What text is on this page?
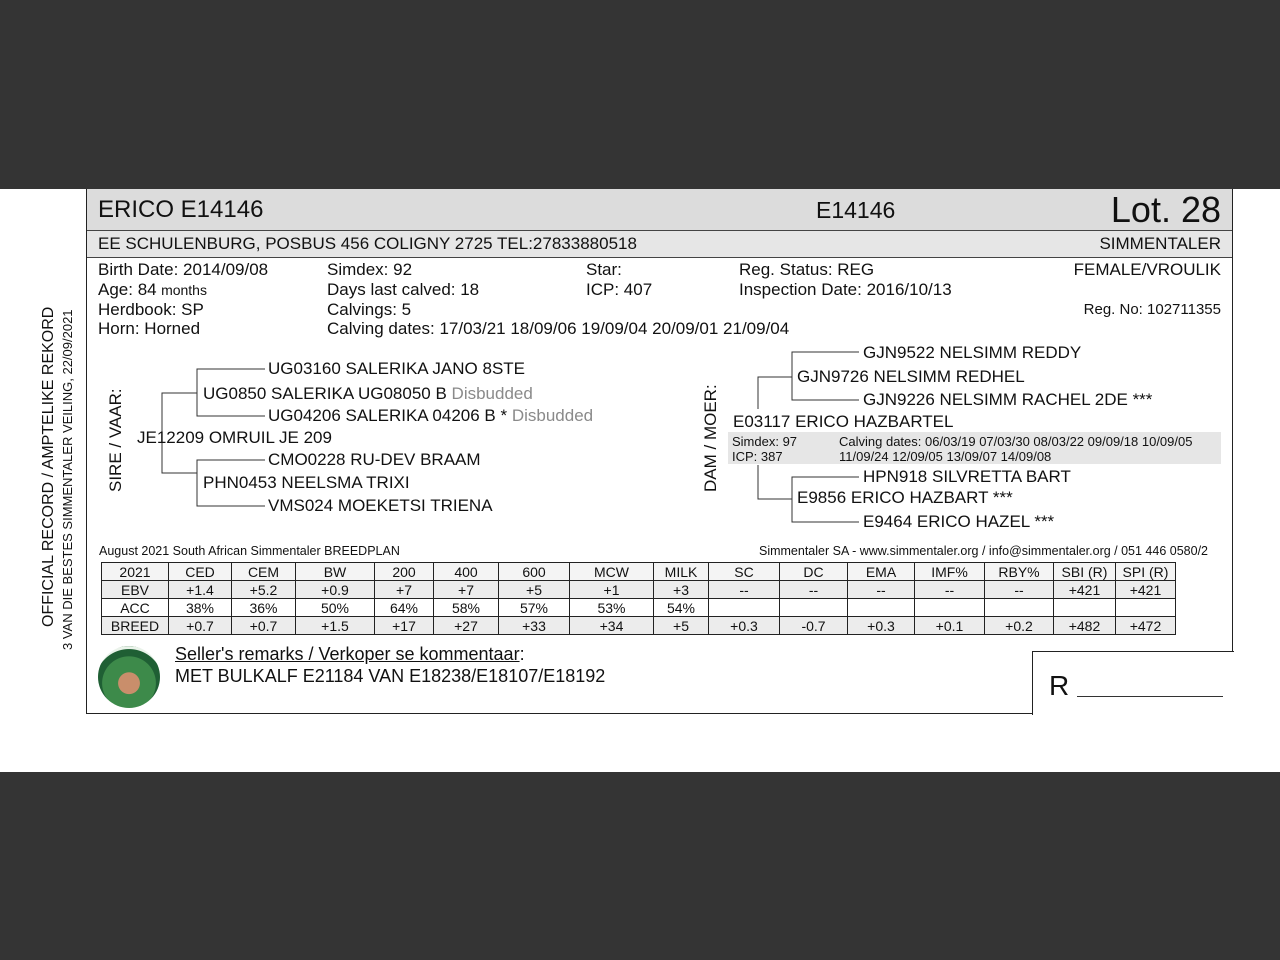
OFFICIAL RECORD / AMPTELIKE REKORD 3 VAN DIE BESTES SIMMENTALER VEILING, 22/09/2021
ERICO E14146	E14146	Lot. 28
EE SCHULENBURG, POSBUS 456 COLIGNY 2725 TEL:27833880518	SIMMENTALER
Birth Date: 2014/09/08
Age: 84 months
Herdbook: SP
Horn: Horned
Simdex: 92
Days last calved: 18
Calvings: 5
Calving dates: 17/03/21 18/09/06 19/09/04 20/09/01 21/09/04
Star:
ICP: 407
Reg. Status: REG
Inspection Date: 2016/10/13
FEMALE/VROULIK
Reg. No: 102711355
SIRE / VAAR:
UG03160 SALERIKA JANO 8STE
UG0850 SALERIKA UG08050 B Disbudded
UG04206 SALERIKA 04206 B * Disbudded
JE12209 OMRUIL JE 209
CMO0228 RU-DEV BRAAM
PHN0453 NEELSMA TRIXI
VMS024 MOEKETSI TRIENA
DAM / MOER:
GJN9522 NELSIMM REDDY
GJN9726 NELSIMM REDHEL
GJN9226 NELSIMM RACHEL 2DE ***
E03117 ERICO HAZBARTEL
Simdex: 97
ICP: 387
Calving dates: 06/03/19 07/03/30 08/03/22 09/09/18 10/09/05
11/09/24 12/09/05 13/09/07 14/09/08
HPN918 SILVRETTA BART
E9856 ERICO HAZBART ***
E9464 ERICO HAZEL ***
August 2021 South African Simmentaler BREEDPLAN	Simmentaler SA - www.simmentaler.org / info@simmentaler.org / 051 446 0580/2
2021	CED	CEM	BW	200	400	600	MCW	MILK	SC	DC	EMA	IMF%	RBY%	SBI (R)	SPI (R)
EBV	+1.4	+5.2	+0.9	+7	+7	+5	+1	+3	--	--	--	--	--	+421	+421
ACC	38%	36%	50%	64%	58%	57%	53%	54%							
BREED	+0.7	+0.7	+1.5	+17	+27	+33	+34	+5	+0.3	-0.7	+0.3	+0.1	+0.2	+482	+472
Seller's remarks / Verkoper se kommentaar:
MET BULKALF E21184 VAN E18238/E18107/E18192	R
